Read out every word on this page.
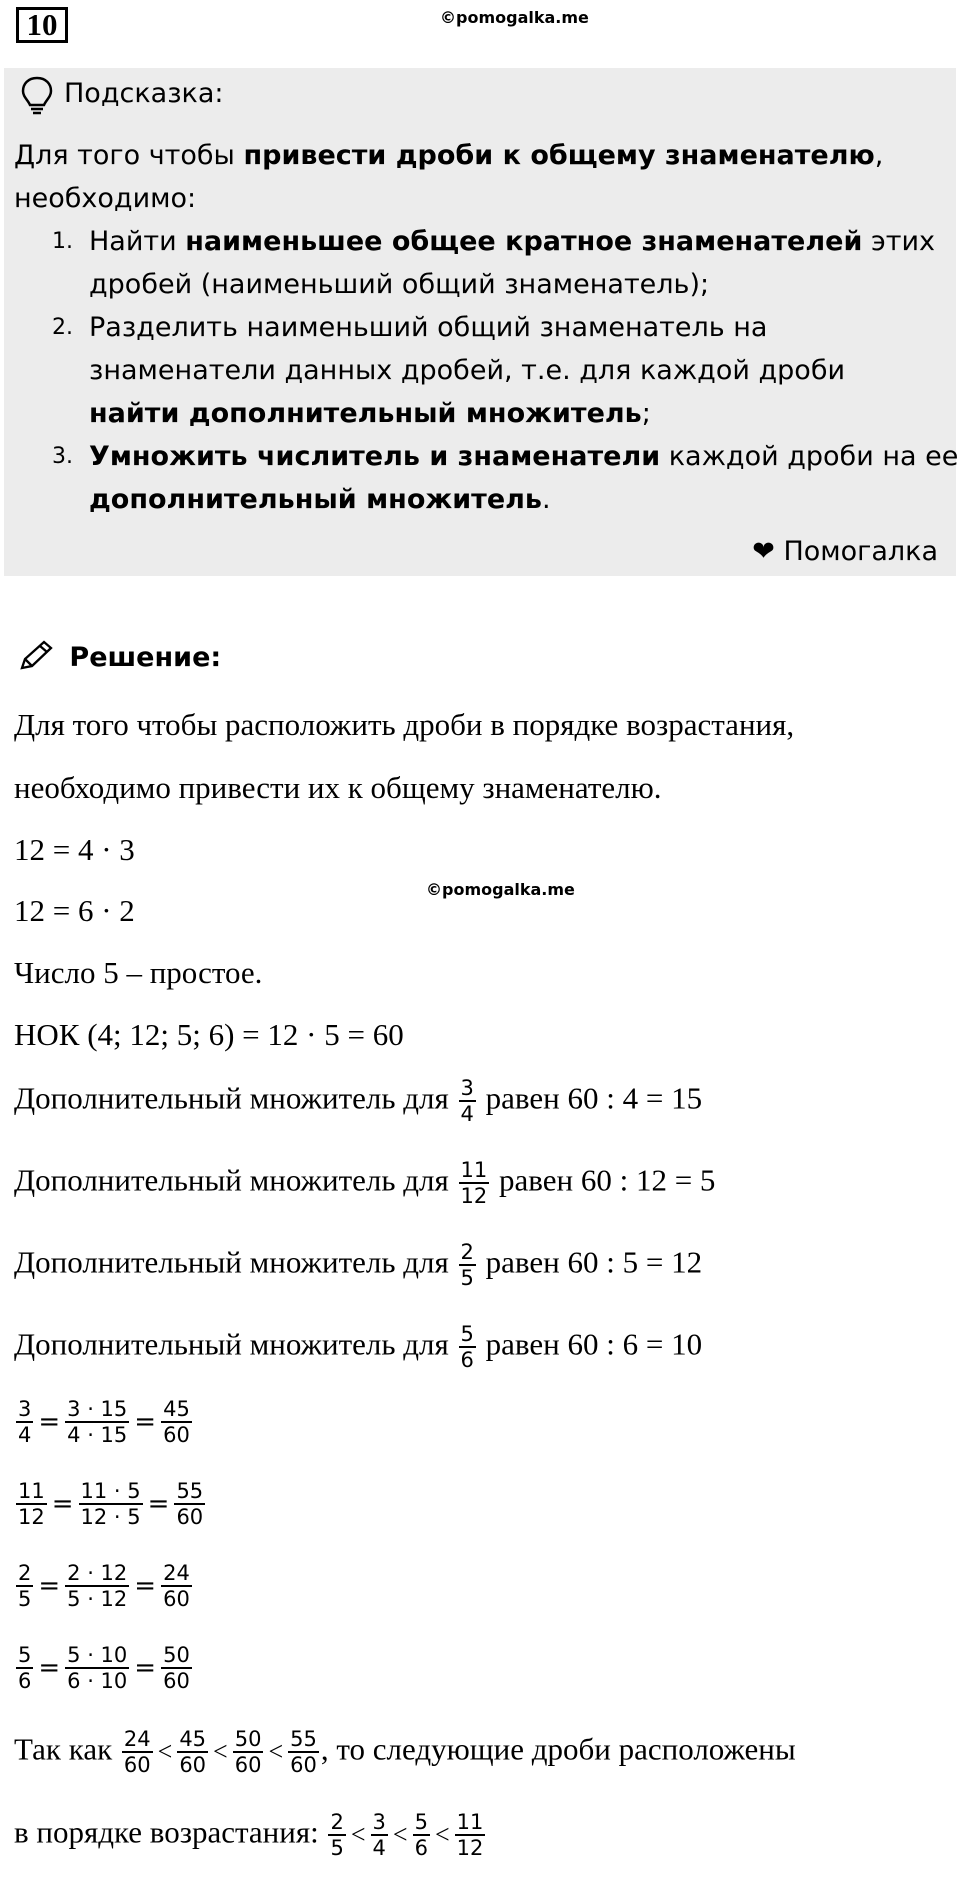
10	©pomogalka.me
Подсказка:
Для того чтобы привести дроби к общему знаменателю,
необходимо:
1. Найти наименьшее общее кратное знаменателей этих
дробей (наименьший общий знаменатель);
2. Разделить наименьший общий знаменатель на
знаменатели данных дробей, т.е. для каждой дроби
найти дополнительный множитель;
3. Умножить числитель и знаменатели каждой дроби на ее
дополнительный множитель.
❤ Помогалка
Решение:
Для того чтобы расположить дроби в порядке возрастания,
необходимо привести их к общему знаменателю.
12 = 4 · 3
©pomogalka.me
12 = 6 · 2
Число 5 – простое.
НОК (4; 12; 5; 6) = 12 · 5 = 60
Дополнительный множитель для $\frac{3}{4}$ равен 60 : 4 = 15
Дополнительный множитель для $\frac{11}{12}$ равен 60 : 12 = 5
Дополнительный множитель для $\frac{2}{5}$ равен 60 : 5 = 12
Дополнительный множитель для $\frac{5}{6}$ равен 60 : 6 = 10
$\frac{3}{4} = \frac{3 \cdot 15}{4 \cdot 15} = \frac{45}{60}$
$\frac{11}{12} = \frac{11 \cdot 5}{12 \cdot 5} = \frac{55}{60}$
$\frac{2}{5} = \frac{2 \cdot 12}{5 \cdot 12} = \frac{24}{60}$
$\frac{5}{6} = \frac{5 \cdot 10}{6 \cdot 10} = \frac{50}{60}$
Так как $\frac{24}{60} < \frac{45}{60} < \frac{50}{60} < \frac{55}{60}$ , то следующие дроби расположены
в порядке возрастания: $\frac{2}{5} < \frac{3}{4} < \frac{5}{6} < \frac{11}{12}$
